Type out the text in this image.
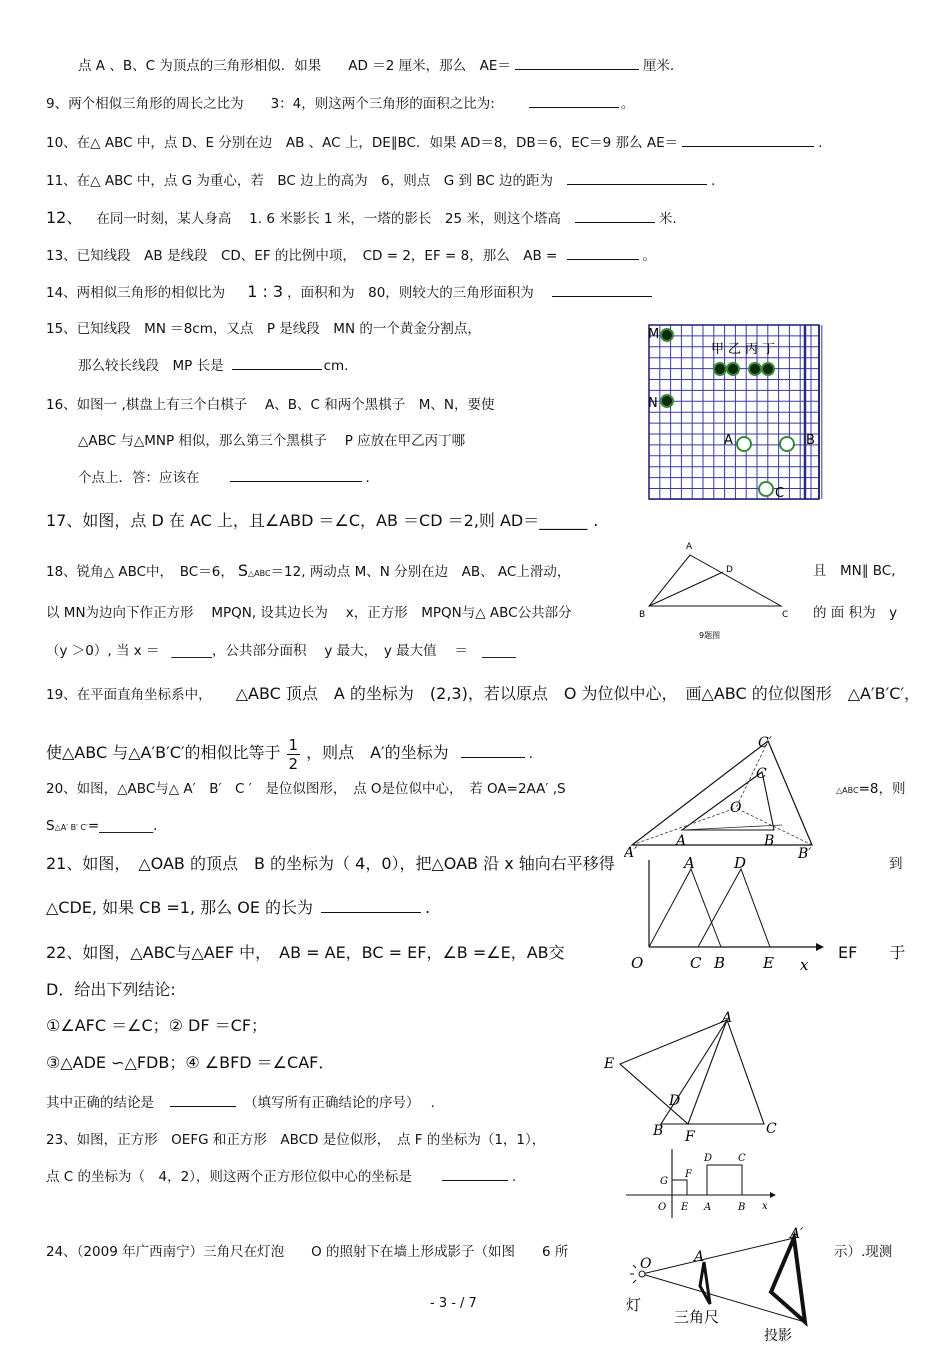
点 A 、B、C 为顶点的三角形相似．如果　　AD ＝2 厘米，那么　AE＝	厘米.
9、两个相似三角形的周长之比为　　3：4，则这两个三角形的面积之比为:	。
10、在△ ABC 中，点 D、E 分别在边　AB 、AC 上，DE∥BC．如果 AD＝8，DB＝6，EC＝9 那么 AE＝	.
11、在△ ABC 中，点 G 为重心，若　BC 边上的高为　6，则点　G 到 BC 边的距为	.
12、 在同一时刻，某人身高　 1. 6 米影长 1 米，一塔的影长　25 米，则这个塔高	米.
13、已知线段　AB 是线段　CD、EF 的比例中项，　CD = 2，EF = 8，那么　AB =	。
14、两相似三角形的相似比为 1 : 3 ，面积和为　80，则较大的三角形面积为
15、已知线段　MN ＝8cm，又点　P 是线段　MN 的一个黄金分割点，
那么较长线段　MP 长是	cm.
16、如图一 ,棋盘上有三个白棋子　 A、B、C 和两个黑棋子　M、N，要使
△ABC 与△MNP 相似，那么第三个黑棋子　 P 应放在甲乙丙丁哪
个点上．答：应该在	.
17、如图，点 D 在 AC 上，且∠ABD ＝∠C，AB ＝CD ＝2,则 AD＝______ .
18、锐角△ ABC中，　BC＝6， S△ABC＝12, 两动点 M、N 分别在边　AB、 AC上滑动，	且　MN∥ BC,
以 MN为边向下作正方形　 MPQN, 设其边长为　 x，正方形　MPQN与△ ABC公共部分	的 面 积为　y
（y ＞0）, 当 x ＝ ______，公共部分面积　 y 最大，　y 最大值　 ＝ _____
19、在平面直角坐标系中， △ABC 顶点　A 的坐标为　(2,3)，若以原点　O 为位似中心，　画△ABC 的位似图形　△A′B′C′，
使△ABC 与△A′B′C′的相似比等于 $\frac{1}{2}$ ，则点　A′的坐标为	.
20、如图，△ABC与△ A′　B′　C ′　是位似图形，　点 O是位似中心，　若 OA=2AA′ ,S	△ABC=8，则
S△A′ B′ C′=________.
21、如图，　△OAB 的顶点　B 的坐标为（ 4，0），把△OAB 沿 x 轴向右平移得	到
△CDE, 如果 CB =1, 那么 OE 的长为	.
22、如图，△ABC与△AEF 中，　AB = AE，BC = EF，∠B =∠E，AB交	EF　　于
D．给出下列结论:
①∠AFC ＝∠C；② DF ＝CF；
③△ADE ∽△FDB；④ ∠BFD ＝∠CAF．
其中正确的结论是	（填写所有正确结论的序号）　 .
23、如图，正方形　OEFG 和正方形　ABCD 是位似形，　点 F 的坐标为（1，1），
点 C 的坐标为（　4，2），则这两个正方形位似中心的坐标是	.
24、（2009 年广西南宁）三角尺在灯泡　　O 的照射下在墙上形成影子（如图　　6 所	示）.现测
- 3 - / 7
M
N
甲乙丙丁
A	B
C
A
B	C
D
9题图
A′
A	B
B′
C
C′
O
A	D
O	C B	E x
A
E
D
B F	C
G
F
D	C
O E A	B x
O	A
A′
灯
三角尺
投影
